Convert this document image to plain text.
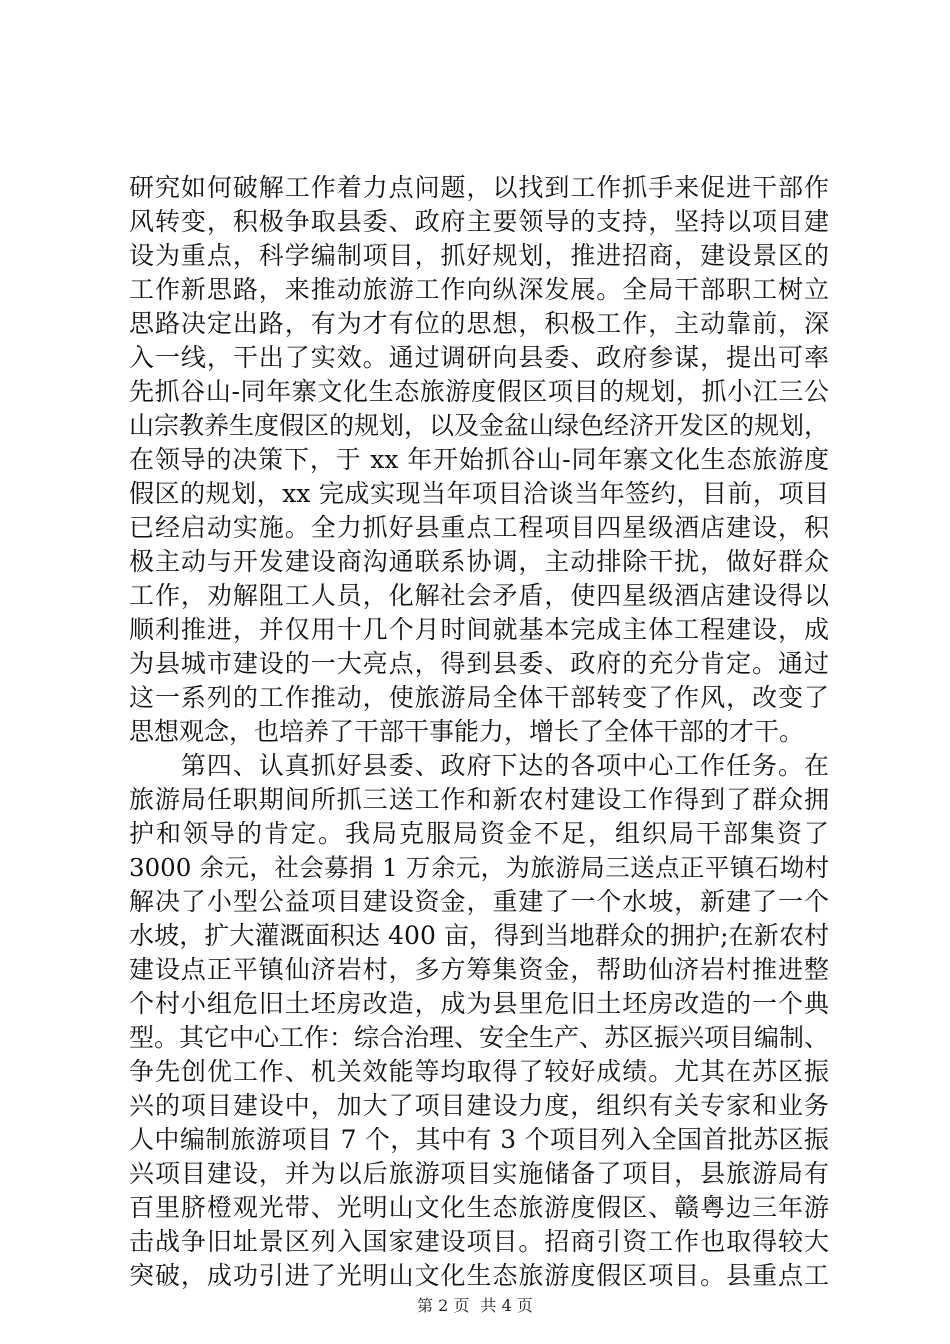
研究如何破解工作着力点问题，以找到工作抓手来促进干部作
风转变，积极争取县委、政府主要领导的支持，坚持以项目建
设为重点，科学编制项目，抓好规划，推进招商，建设景区的
工作新思路，来推动旅游工作向纵深发展。全局干部职工树立
思路决定出路，有为才有位的思想，积极工作，主动靠前，深
入一线，干出了实效。通过调研向县委、政府参谋，提出可率
先抓谷山-同年寨文化生态旅游度假区项目的规划，抓小江三公
山宗教养生度假区的规划，以及金盆山绿色经济开发区的规划，
在领导的决策下，于 xx 年开始抓谷山-同年寨文化生态旅游度
假区的规划，xx 完成实现当年项目洽谈当年签约，目前，项目
已经启动实施。全力抓好县重点工程项目四星级酒店建设，积
极主动与开发建设商沟通联系协调，主动排除干扰，做好群众
工作，劝解阻工人员，化解社会矛盾，使四星级酒店建设得以
顺利推进，并仅用十几个月时间就基本完成主体工程建设，成
为县城市建设的一大亮点，得到县委、政府的充分肯定。通过
这一系列的工作推动，使旅游局全体干部转变了作风，改变了
思想观念，也培养了干部干事能力，增长了全体干部的才干。
　　第四、认真抓好县委、政府下达的各项中心工作任务。在
旅游局任职期间所抓三送工作和新农村建设工作得到了群众拥
护和领导的肯定。我局克服局资金不足，组织局干部集资了
3000 余元，社会募捐 1 万余元，为旅游局三送点正平镇石坳村
解决了小型公益项目建设资金，重建了一个水坡，新建了一个
水坡，扩大灌溉面积达 400 亩，得到当地群众的拥护;在新农村
建设点正平镇仙济岩村，多方筹集资金，帮助仙济岩村推进整
个村小组危旧土坯房改造，成为县里危旧土坯房改造的一个典
型。其它中心工作：综合治理、安全生产、苏区振兴项目编制、
争先创优工作、机关效能等均取得了较好成绩。尤其在苏区振
兴的项目建设中，加大了项目建设力度，组织有关专家和业务
人中编制旅游项目 7 个，其中有 3 个项目列入全国首批苏区振
兴项目建设，并为以后旅游项目实施储备了项目，县旅游局有
百里脐橙观光带、光明山文化生态旅游度假区、赣粤边三年游
击战争旧址景区列入国家建设项目。招商引资工作也取得较大
突破，成功引进了光明山文化生态旅游度假区项目。县重点工
第 2 页 共 4 页
